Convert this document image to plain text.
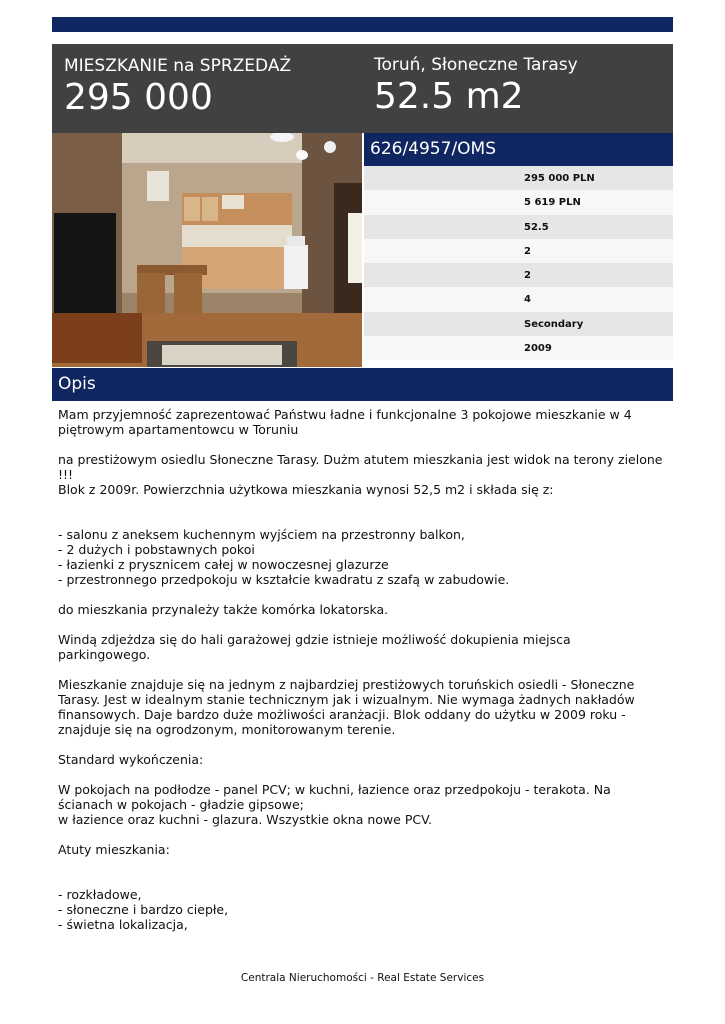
MIESZKANIE na SPRZEDAŻ
295 000
Toruń, Słoneczne Tarasy
52.5 m2
626/4957/OMS
295 000 PLN
5 619 PLN
52.5
2
2
4
Secondary
2009
Opis

Mam przyjemność zaprezentować Państwu ładne i funkcjonalne 3 pokojowe mieszkanie w 4 piętrowym apartamentowcu w Toruniu

na prestiżowym osiedlu Słoneczne Tarasy. Dużm atutem mieszkania jest widok na terony zielone !!!
Blok z 2009r. Powierzchnia użytkowa mieszkania wynosi 52,5 m2 i składa się z:

- salonu z aneksem kuchennym wyjściem na przestronny balkon,
- 2 dużych i pobstawnych pokoi
- łazienki z prysznicem całej w nowoczesnej glazurze
- przestronnego przedpokoju w kształcie kwadratu z szafą w zabudowie.

do mieszkania przynależy także komórka lokatorska.

Windą zdjeżdza się do hali garażowej gdzie istnieje możliwość dokupienia miejsca parkingowego.

Mieszkanie znajduje się na jednym z najbardziej prestiżowych toruńskich osiedli - Słoneczne Tarasy. Jest w idealnym stanie technicznym jak i wizualnym. Nie wymaga żadnych nakładów finansowych. Daje bardzo duże możliwości aranżacji. Blok oddany do użytku w 2009 roku - znajduje się na ogrodzonym, monitorowanym terenie.

Standard wykończenia:

W pokojach na podłodze - panel PCV; w kuchni, łazience oraz przedpokoju - terakota. Na ścianach w pokojach - gładzie gipsowe;
w łazience oraz kuchni - glazura. Wszystkie okna nowe PCV.

Atuty mieszkania:

- rozkładowe,
- słoneczne i bardzo ciepłe,
- świetna lokalizacja,

Centrala Nieruchomości - Real Estate Services
